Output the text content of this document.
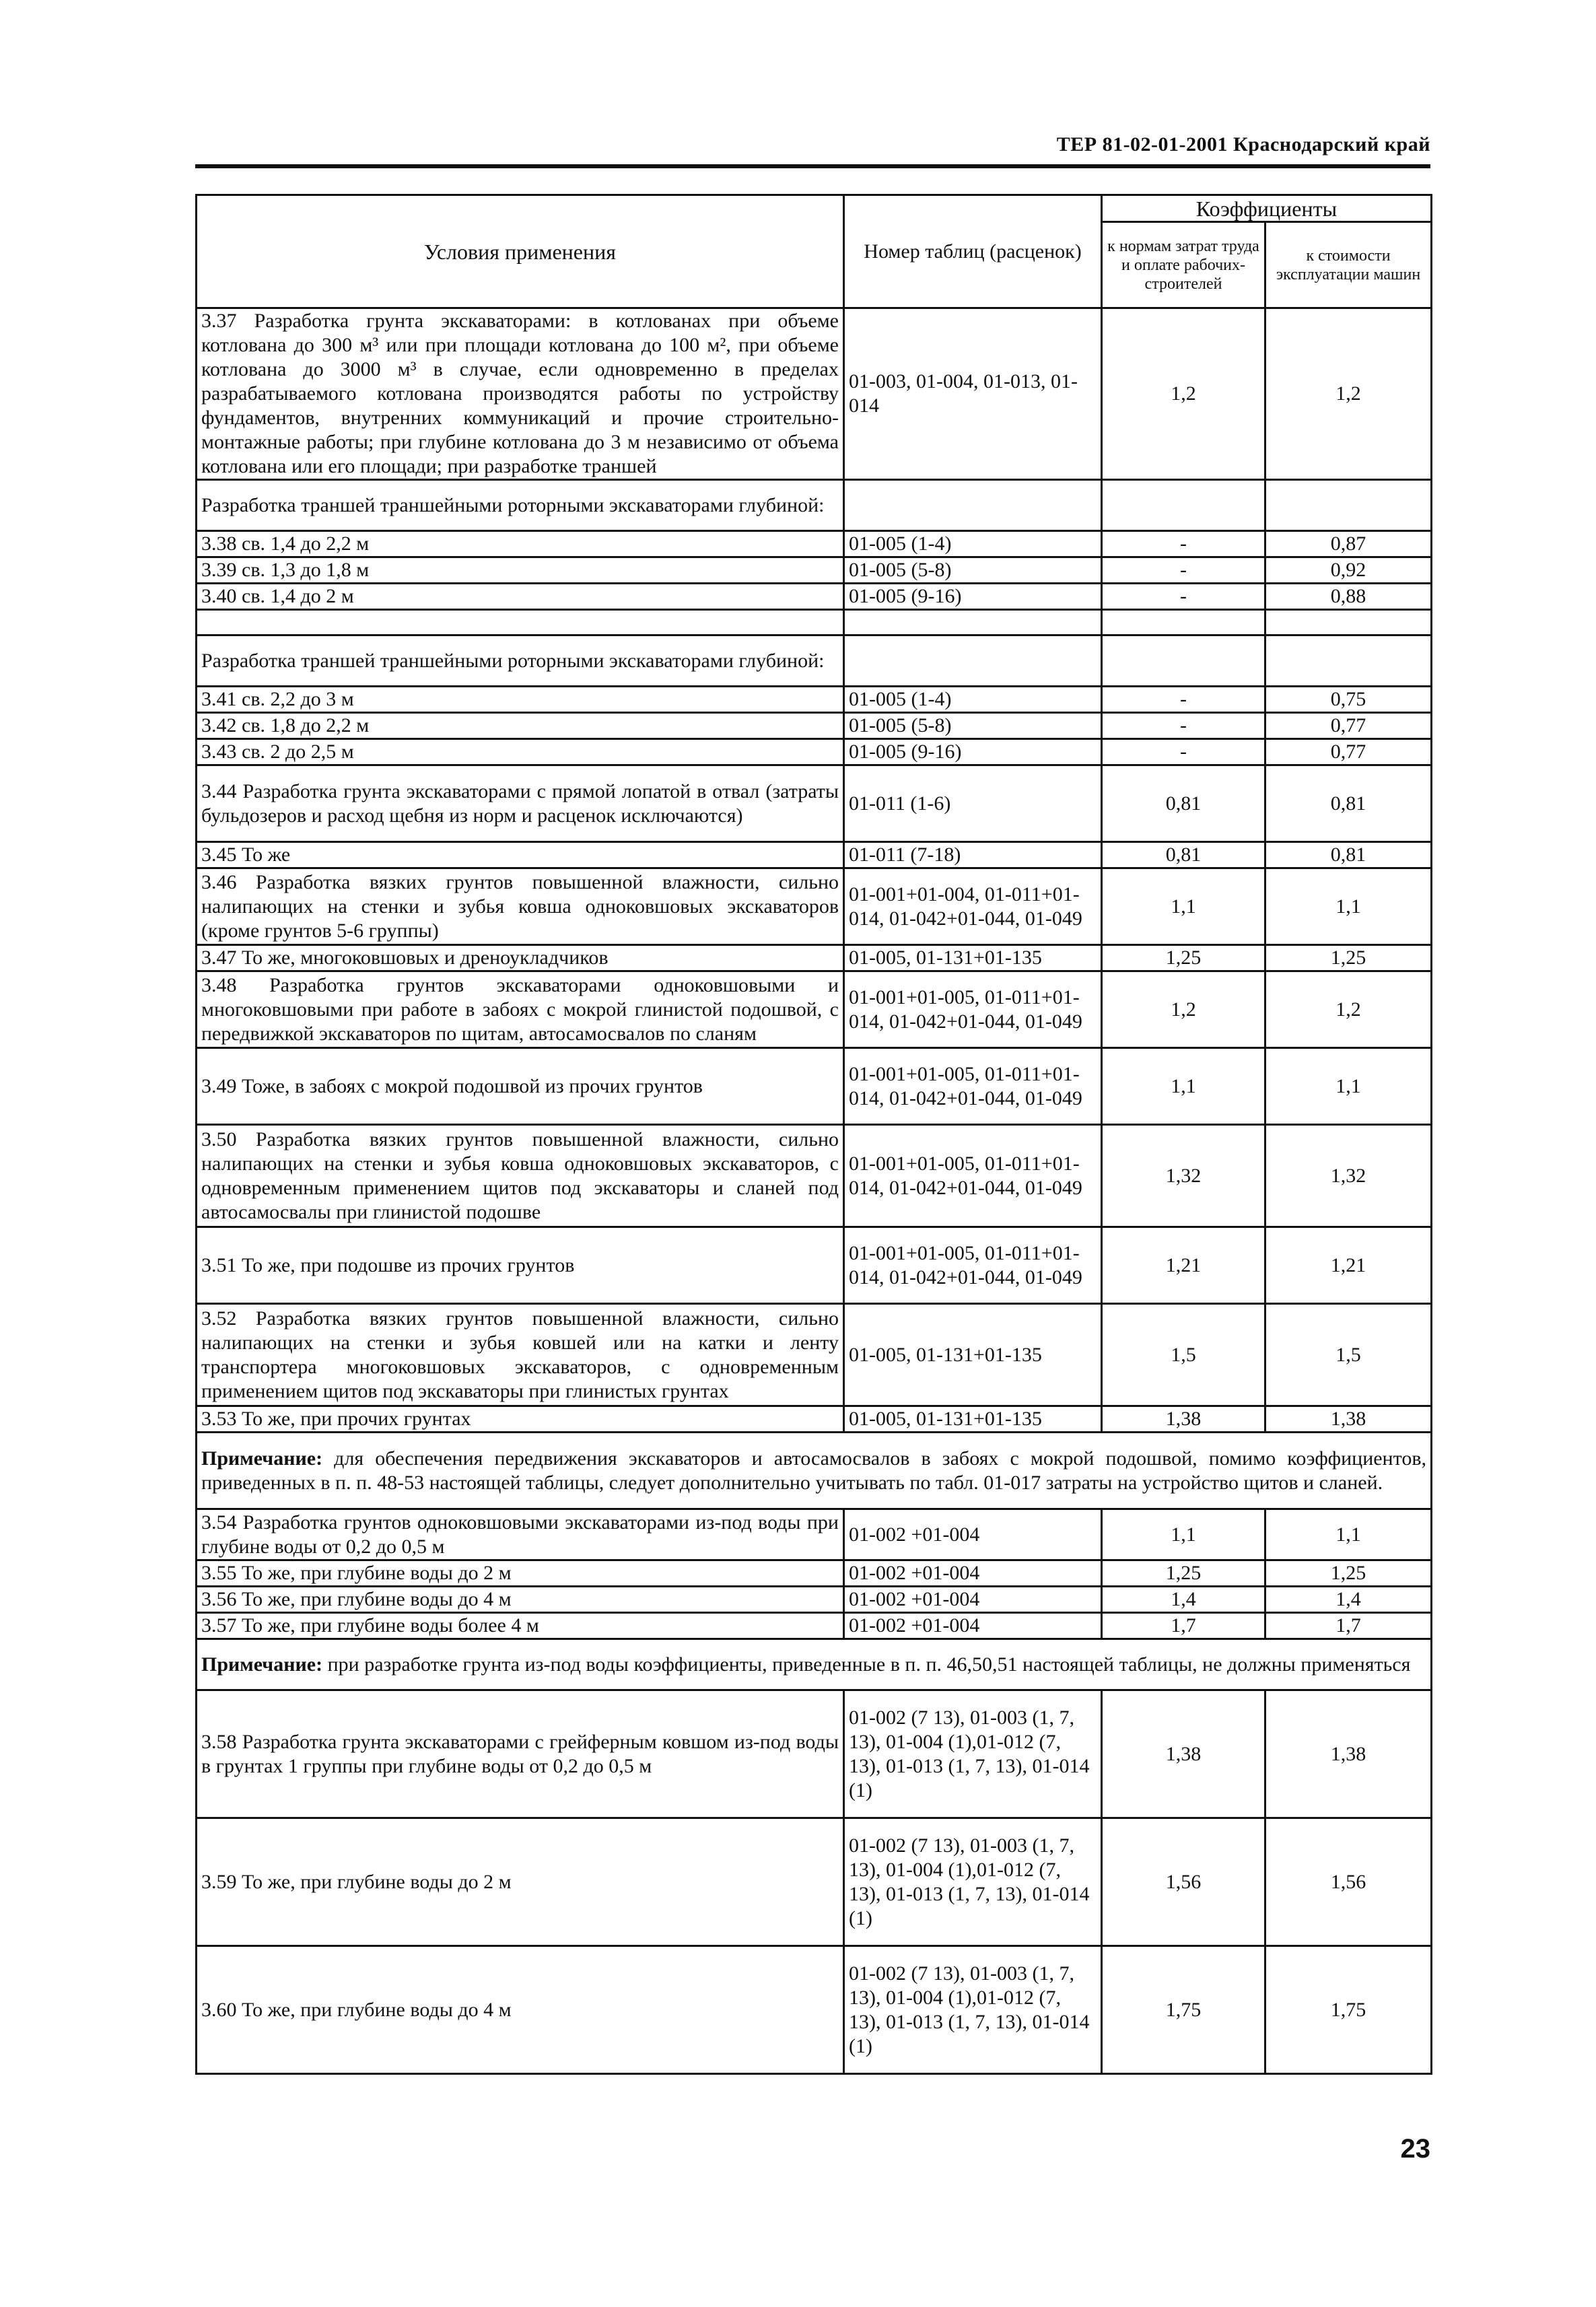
ТЕР 81-02-01-2001 Краснодарский край
Условия применения	Номер таблиц (расценок)	Коэффициенты	
		к нормам затрат труда и оплате рабочих-строителей	к стоимости эксплуатации машин
3.37 Разработка грунта экскаваторами: в котлованах при объеме котлована до 300 м³ или при площади котлована до 100 м², при объеме котлована до 3000 м³ в случае, если одновременно в пределах разрабатываемого котлована производятся работы по устройству фундаментов, внутренних коммуникаций и прочие строительно-монтажные работы; при глубине котлована до 3 м независимо от объема котлована или его площади; при разработке траншей	01-003, 01-004, 01-013, 01-014	1,2	1,2
Разработка траншей траншейными роторными экскаваторами глубиной:			
3.38 св. 1,4 до 2,2 м	01-005 (1-4)	-	0,87
3.39 св. 1,3 до 1,8 м	01-005 (5-8)	-	0,92
3.40 св. 1,4 до 2 м	01-005 (9-16)	-	0,88

Разработка траншей траншейными роторными экскаваторами глубиной:			
3.41 св. 2,2 до 3 м	01-005 (1-4)	-	0,75
3.42 св. 1,8 до 2,2 м	01-005 (5-8)	-	0,77
3.43 св. 2 до 2,5 м	01-005 (9-16)	-	0,77
3.44 Разработка грунта экскаваторами с прямой лопатой в отвал (затраты бульдозеров и расход щебня из норм и расценок исключаются)	01-011 (1-6)	0,81	0,81
3.45 То же	01-011 (7-18)	0,81	0,81
3.46 Разработка вязких грунтов повышенной влажности, сильно налипающих на стенки и зубья ковша одноковшовых экскаваторов (кроме грунтов 5-6 группы)	01-001+01-004, 01-011+01-014, 01-042+01-044, 01-049	1,1	1,1
3.47 То же, многоковшовых и дреноукладчиков	01-005, 01-131+01-135	1,25	1,25
3.48 Разработка грунтов экскаваторами одноковшовыми и многоковшовыми при работе в забоях с мокрой глинистой подошвой, с передвижкой экскаваторов по щитам, автосамосвалов по сланям	01-001+01-005, 01-011+01-014, 01-042+01-044, 01-049	1,2	1,2
3.49 Тоже, в забоях с мокрой подошвой из прочих грунтов	01-001+01-005, 01-011+01-014, 01-042+01-044, 01-049	1,1	1,1
3.50 Разработка вязких грунтов повышенной влажности, сильно налипающих на стенки и зубья ковша одноковшовых экскаваторов, с одновременным применением щитов под экскаваторы и сланей под автосамосвалы при глинистой подошве	01-001+01-005, 01-011+01-014, 01-042+01-044, 01-049	1,32	1,32
3.51 То же, при подошве из прочих грунтов	01-001+01-005, 01-011+01-014, 01-042+01-044, 01-049	1,21	1,21
3.52 Разработка вязких грунтов повышенной влажности, сильно налипающих на стенки и зубья ковшей или на катки и ленту транспортера многоковшовых экскаваторов, с одновременным применением щитов под экскаваторы при глинистых грунтах	01-005, 01-131+01-135	1,5	1,5
3.53 То же, при прочих грунтах	01-005, 01-131+01-135	1,38	1,38
Примечание: для обеспечения передвижения экскаваторов и автосамосвалов в забоях с мокрой подошвой, помимо коэффициентов, приведенных в п. п. 48-53 настоящей таблицы, следует дополнительно учитывать по табл. 01-017 затраты на устройство щитов и сланей.			
3.54 Разработка грунтов одноковшовыми экскаваторами из-под воды при глубине воды от 0,2 до 0,5 м	01-002 +01-004	1,1	1,1
3.55 То же, при глубине воды до 2 м	01-002 +01-004	1,25	1,25
3.56 То же, при глубине воды до 4 м	01-002 +01-004	1,4	1,4
3.57 То же, при глубине воды более 4 м	01-002 +01-004	1,7	1,7
Примечание: при разработке грунта из-под воды коэффициенты, приведенные в п. п. 46,50,51 настоящей таблицы, не должны применяться			
3.58 Разработка грунта экскаваторами с грейферным ковшом из-под воды в грунтах 1 группы при глубине воды от 0,2 до 0,5 м	01-002 (7 13), 01-003 (1, 7, 13), 01-004 (1),01-012 (7, 13), 01-013 (1, 7, 13), 01-014 (1)	1,38	1,38
3.59 То же, при глубине воды до 2 м	01-002 (7 13), 01-003 (1, 7, 13), 01-004 (1),01-012 (7, 13), 01-013 (1, 7, 13), 01-014 (1)	1,56	1,56
3.60 То же, при глубине воды до 4 м	01-002 (7 13), 01-003 (1, 7, 13), 01-004 (1),01-012 (7, 13), 01-013 (1, 7, 13), 01-014 (1)	1,75	1,75
23
